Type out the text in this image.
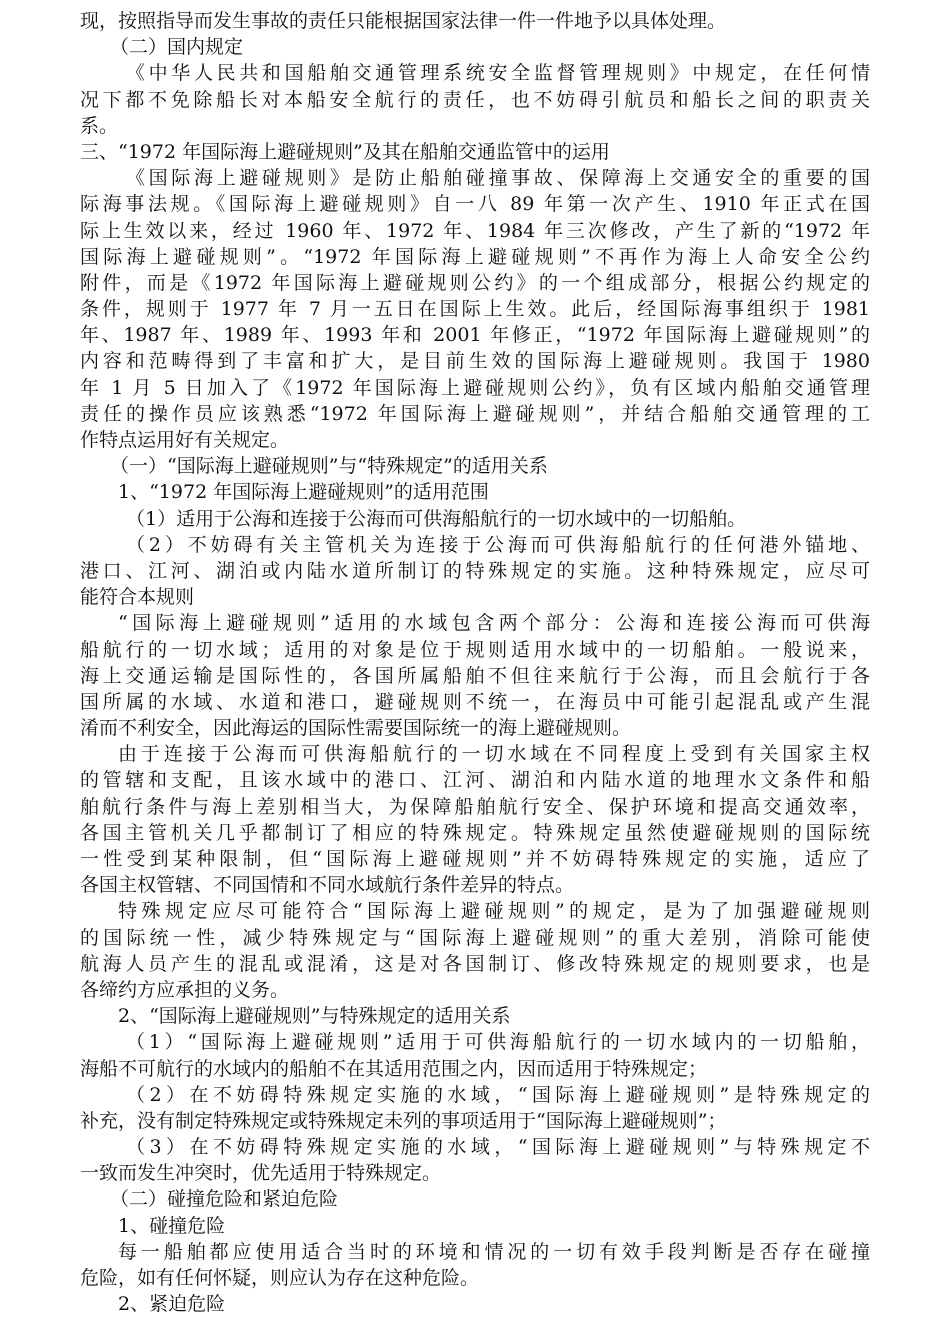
现，按照指导而发生事故的责任只能根据国家法律一件一件地予以具体处理。
（二）国内规定
《中华人民共和国船舶交通管理系统安全监督管理规则》中规定，在任何情
况下都不免除船长对本船安全航行的责任，也不妨碍引航员和船长之间的职责关
系。
三、“1972 年国际海上避碰规则”及其在船舶交通监管中的运用
《国际海上避碰规则》是防止船舶碰撞事故、保障海上交通安全的重要的国
际海事法规。《国际海上避碰规则》自一八 89 年第一次产生、1910 年正式在国
际上生效以来，经过 1960 年、1972 年、1984 年三次修改，产生了新的“1972 年
国际海上避碰规则”。“1972 年国际海上避碰规则”不再作为海上人命安全公约
附件，而是《1972 年国际海上避碰规则公约》的一个组成部分，根据公约规定的
条件，规则于 1977 年 7 月一五日在国际上生效。此后，经国际海事组织于 1981
年、1987 年、1989 年、1993 年和 2001 年修正，“1972 年国际海上避碰规则”的
内容和范畴得到了丰富和扩大，是目前生效的国际海上避碰规则。我国于 1980
年 1 月 5 日加入了《1972 年国际海上避碰规则公约》，负有区域内船舶交通管理
责任的操作员应该熟悉“1972 年国际海上避碰规则”，并结合船舶交通管理的工
作特点运用好有关规定。
（一）“国际海上避碰规则”与“特殊规定”的适用关系
1、“1972 年国际海上避碰规则”的适用范围
（1）适用于公海和连接于公海而可供海船航行的一切水域中的一切船舶。
（2）不妨碍有关主管机关为连接于公海而可供海船航行的任何港外锚地、
港口、江河、湖泊或内陆水道所制订的特殊规定的实施。这种特殊规定，应尽可
能符合本规则
“国际海上避碰规则”适用的水域包含两个部分：公海和连接公海而可供海
船航行的一切水域；适用的对象是位于规则适用水域中的一切船舶。一般说来，
海上交通运输是国际性的，各国所属船舶不但往来航行于公海，而且会航行于各
国所属的水域、水道和港口，避碰规则不统一，在海员中可能引起混乱或产生混
淆而不利安全，因此海运的国际性需要国际统一的海上避碰规则。
由于连接于公海而可供海船航行的一切水域在不同程度上受到有关国家主权
的管辖和支配，且该水域中的港口、江河、湖泊和内陆水道的地理水文条件和船
舶航行条件与海上差别相当大，为保障船舶航行安全、保护环境和提高交通效率，
各国主管机关几乎都制订了相应的特殊规定。特殊规定虽然使避碰规则的国际统
一性受到某种限制，但“国际海上避碰规则”并不妨碍特殊规定的实施，适应了
各国主权管辖、不同国情和不同水域航行条件差异的特点。
特殊规定应尽可能符合“国际海上避碰规则”的规定，是为了加强避碰规则
的国际统一性，减少特殊规定与“国际海上避碰规则”的重大差别，消除可能使
航海人员产生的混乱或混淆，这是对各国制订、修改特殊规定的规则要求，也是
各缔约方应承担的义务。
2、“国际海上避碰规则”与特殊规定的适用关系
（1）“国际海上避碰规则”适用于可供海船航行的一切水域内的一切船舶，
海船不可航行的水域内的船舶不在其适用范围之内，因而适用于特殊规定；
（2）在不妨碍特殊规定实施的水域，“国际海上避碰规则”是特殊规定的
补充，没有制定特殊规定或特殊规定未列的事项适用于“国际海上避碰规则”；
（3）在不妨碍特殊规定实施的水域，“国际海上避碰规则”与特殊规定不
一致而发生冲突时，优先适用于特殊规定。
（二）碰撞危险和紧迫危险
1、碰撞危险
每一船舶都应使用适合当时的环境和情况的一切有效手段判断是否存在碰撞
危险，如有任何怀疑，则应认为存在这种危险。
2、紧迫危险
